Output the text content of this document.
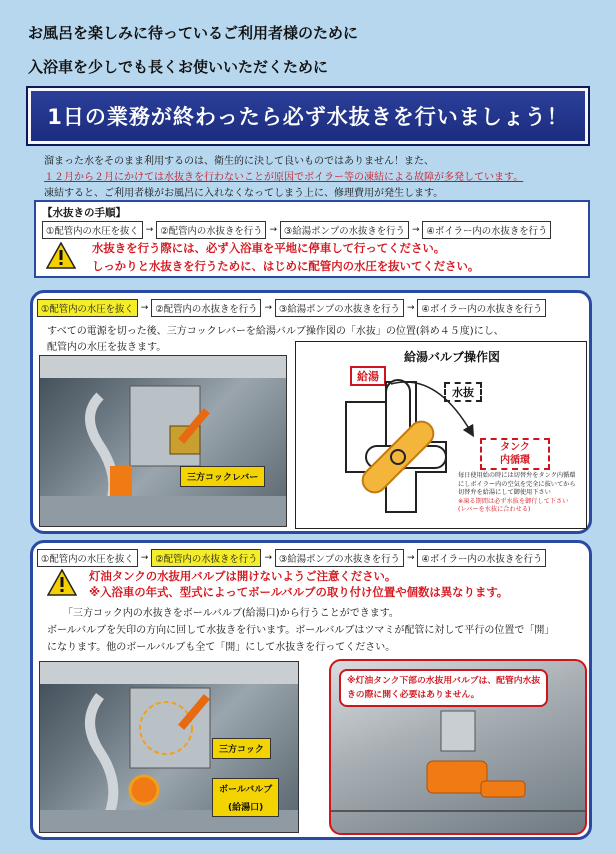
お風呂を楽しみに待っているご利用者様のために
入浴車を少しでも長くお使いいただくために
1日の業務が終わったら必ず水抜きを行いましょう！
溜まった水をそのまま利用するのは、衛生的に決して良いものではありません！また、
１２月から２月にかけては水抜きを行わないことが原因でボイラー等の凍結による故障が多発しています。
凍結すると、ご利用者様がお風呂に入れなくなってしまう上に、修理費用が発生します。
【水抜きの手順】
①配管内の水圧を抜く → ②配管内の水抜きを行う → ③給湯ポンプの水抜きを行う → ④ボイラー内の水抜きを行う
水抜きを行う際には、必ず入浴車を平地に停車して行ってください。
しっかりと水抜きを行うために、はじめに配管内の水圧を抜いてください。
①配管内の水圧を抜く → ②配管内の水抜きを行う → ③給湯ポンプの水抜きを行う → ④ボイラー内の水抜きを行う
すべての電源を切った後、三方コックレバーを給湯バルブ操作図の「水抜」の位置(斜め４５度)にし、
配管内の水圧を抜きます。
三方コックレバー
給湯バルブ操作図
給湯
水抜
タンク
内循環
毎日使用始の時には切替弁をタンク内循環
にしボイラー内の空気を完全に抜いてから
切替弁を給湯にして御使用下さい
※凍る期間は必ず水抜を御行して下さい
(レバーを水抜に合わせる)
①配管内の水圧を抜く → ②配管内の水抜きを行う → ③給湯ポンプの水抜きを行う → ④ボイラー内の水抜きを行う
灯油タンクの水抜用バルブは開けないようご注意ください。
※入浴車の年式、型式によってボールバルブの取り付け位置や個数は異なります。
「三方コック内の水抜きをボールバルブ(給湯口)から行うことができます。
ボールバルブを矢印の方向に回して水抜きを行います。ボールバルブはツマミが配管に対して平行の位置で「開」
になります。他のボールバルブも全て「開」にして水抜きを行ってください。
三方コック
ボールバルブ
(給湯口)
※灯油タンク下部の水抜用バルブは、配管内水抜
きの際に開く必要はありません。
